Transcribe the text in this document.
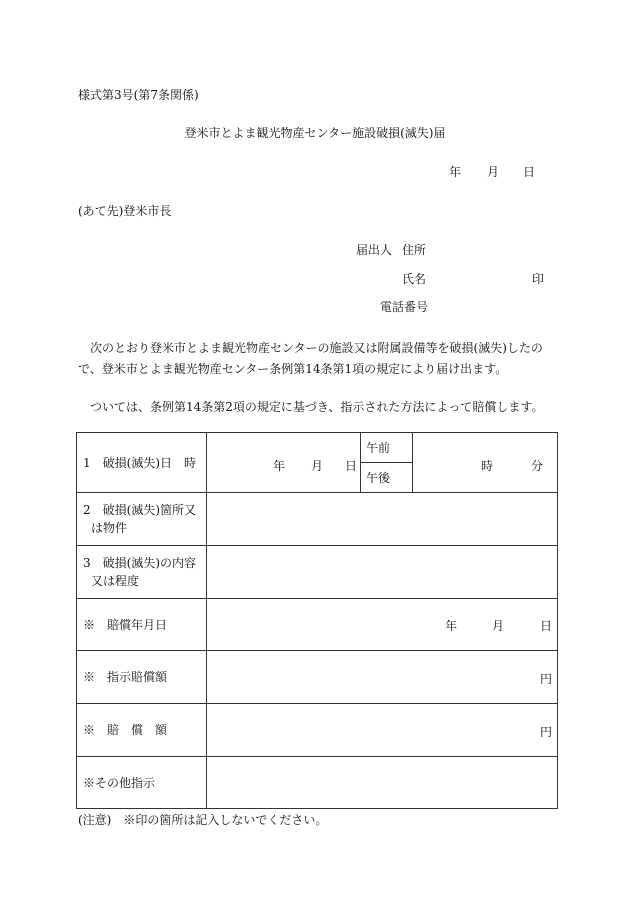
様式第3号(第7条関係)
登米市とよま観光物産センター施設破損(滅失)届
年 月 日
(あて先)登米市長
届出人 住所
氏名	印
電話番号
次のとおり登米市とよま観光物産センターの施設又は附属設備等を破損(滅失)したので、登米市とよま観光物産センター条例第14条第1項の規定により届け出ます。
ついては、条例第14条第2項の規定に基づき、指示された方法によって賠償します。
1　破損(滅失)日　時	年 月 日	午前	時 分

		午後	

2　破損(滅失)箇所又
は物件			

3　破損(滅失)の内容
又は程度			

※　賠償年月日	年 月 日		

※　指示賠償額	円		

※　賠　償　額	円		

※その他指示			
(注意)　※印の箇所は記入しないでください。
